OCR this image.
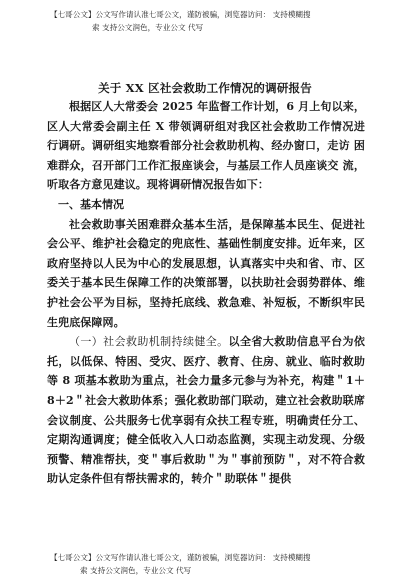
【七哥公文】公文写作请认准七哥公文，谨防被骗，浏览器访问： 支持模糊搜
索 支持公文润色，专业公文 代写
关于 XX 区社会救助工作情况的调研报告

根据区人大常委会 2025 年监督工作计划，6 月上旬以来， 区人大常委会副主任 X 带领调研组对我区社会救助工作情况进 行调研。调研组实地察看部分社会救助机构、经办窗口，走访 困难群众，召开部门工作汇报座谈会，与基层工作人员座谈交 流，听取各方意见建议。现将调研情况报告如下：

一、基本情况

社会救助事关困难群众基本生活，是保障基本民生、促进社会公平、维护社会稳定的兜底性、基础性制度安排。近年来，区政府坚持以人民为中心的发展思想，认真落实中央和省、市、区委关于基本民生保障工作的决策部署，以扶助社会弱势群体、维护社会公平为目标，坚持托底线、救急难、补短板，不断织牢民生兜底保障网。

（一）社会救助机制持续健全。以全省大救助信息平台为依托，以低保、特困、受灾、医疗、教育、住房、就业、临时救助等 8 项基本救助为重点，社会力量多元参与为补充，构建＂1＋8＋2＂社会大救助体系；强化救助部门联动，建立社会救助联席会议制度、公共服务七优享弱有众扶工程专班，明确责任分工、定期沟通调度；健全低收入人口动态监测，实现主动发现、分级预警、精准帮扶，变＂事后救助＂为＂事前预防＂，对不符合救助认定条件但有帮扶需求的，转介＂助联体＂提供

【七哥公文】公文写作请认准七哥公文，谨防被骗，浏览器访问： 支持模糊搜
索 支持公文润色，专业公文 代写
